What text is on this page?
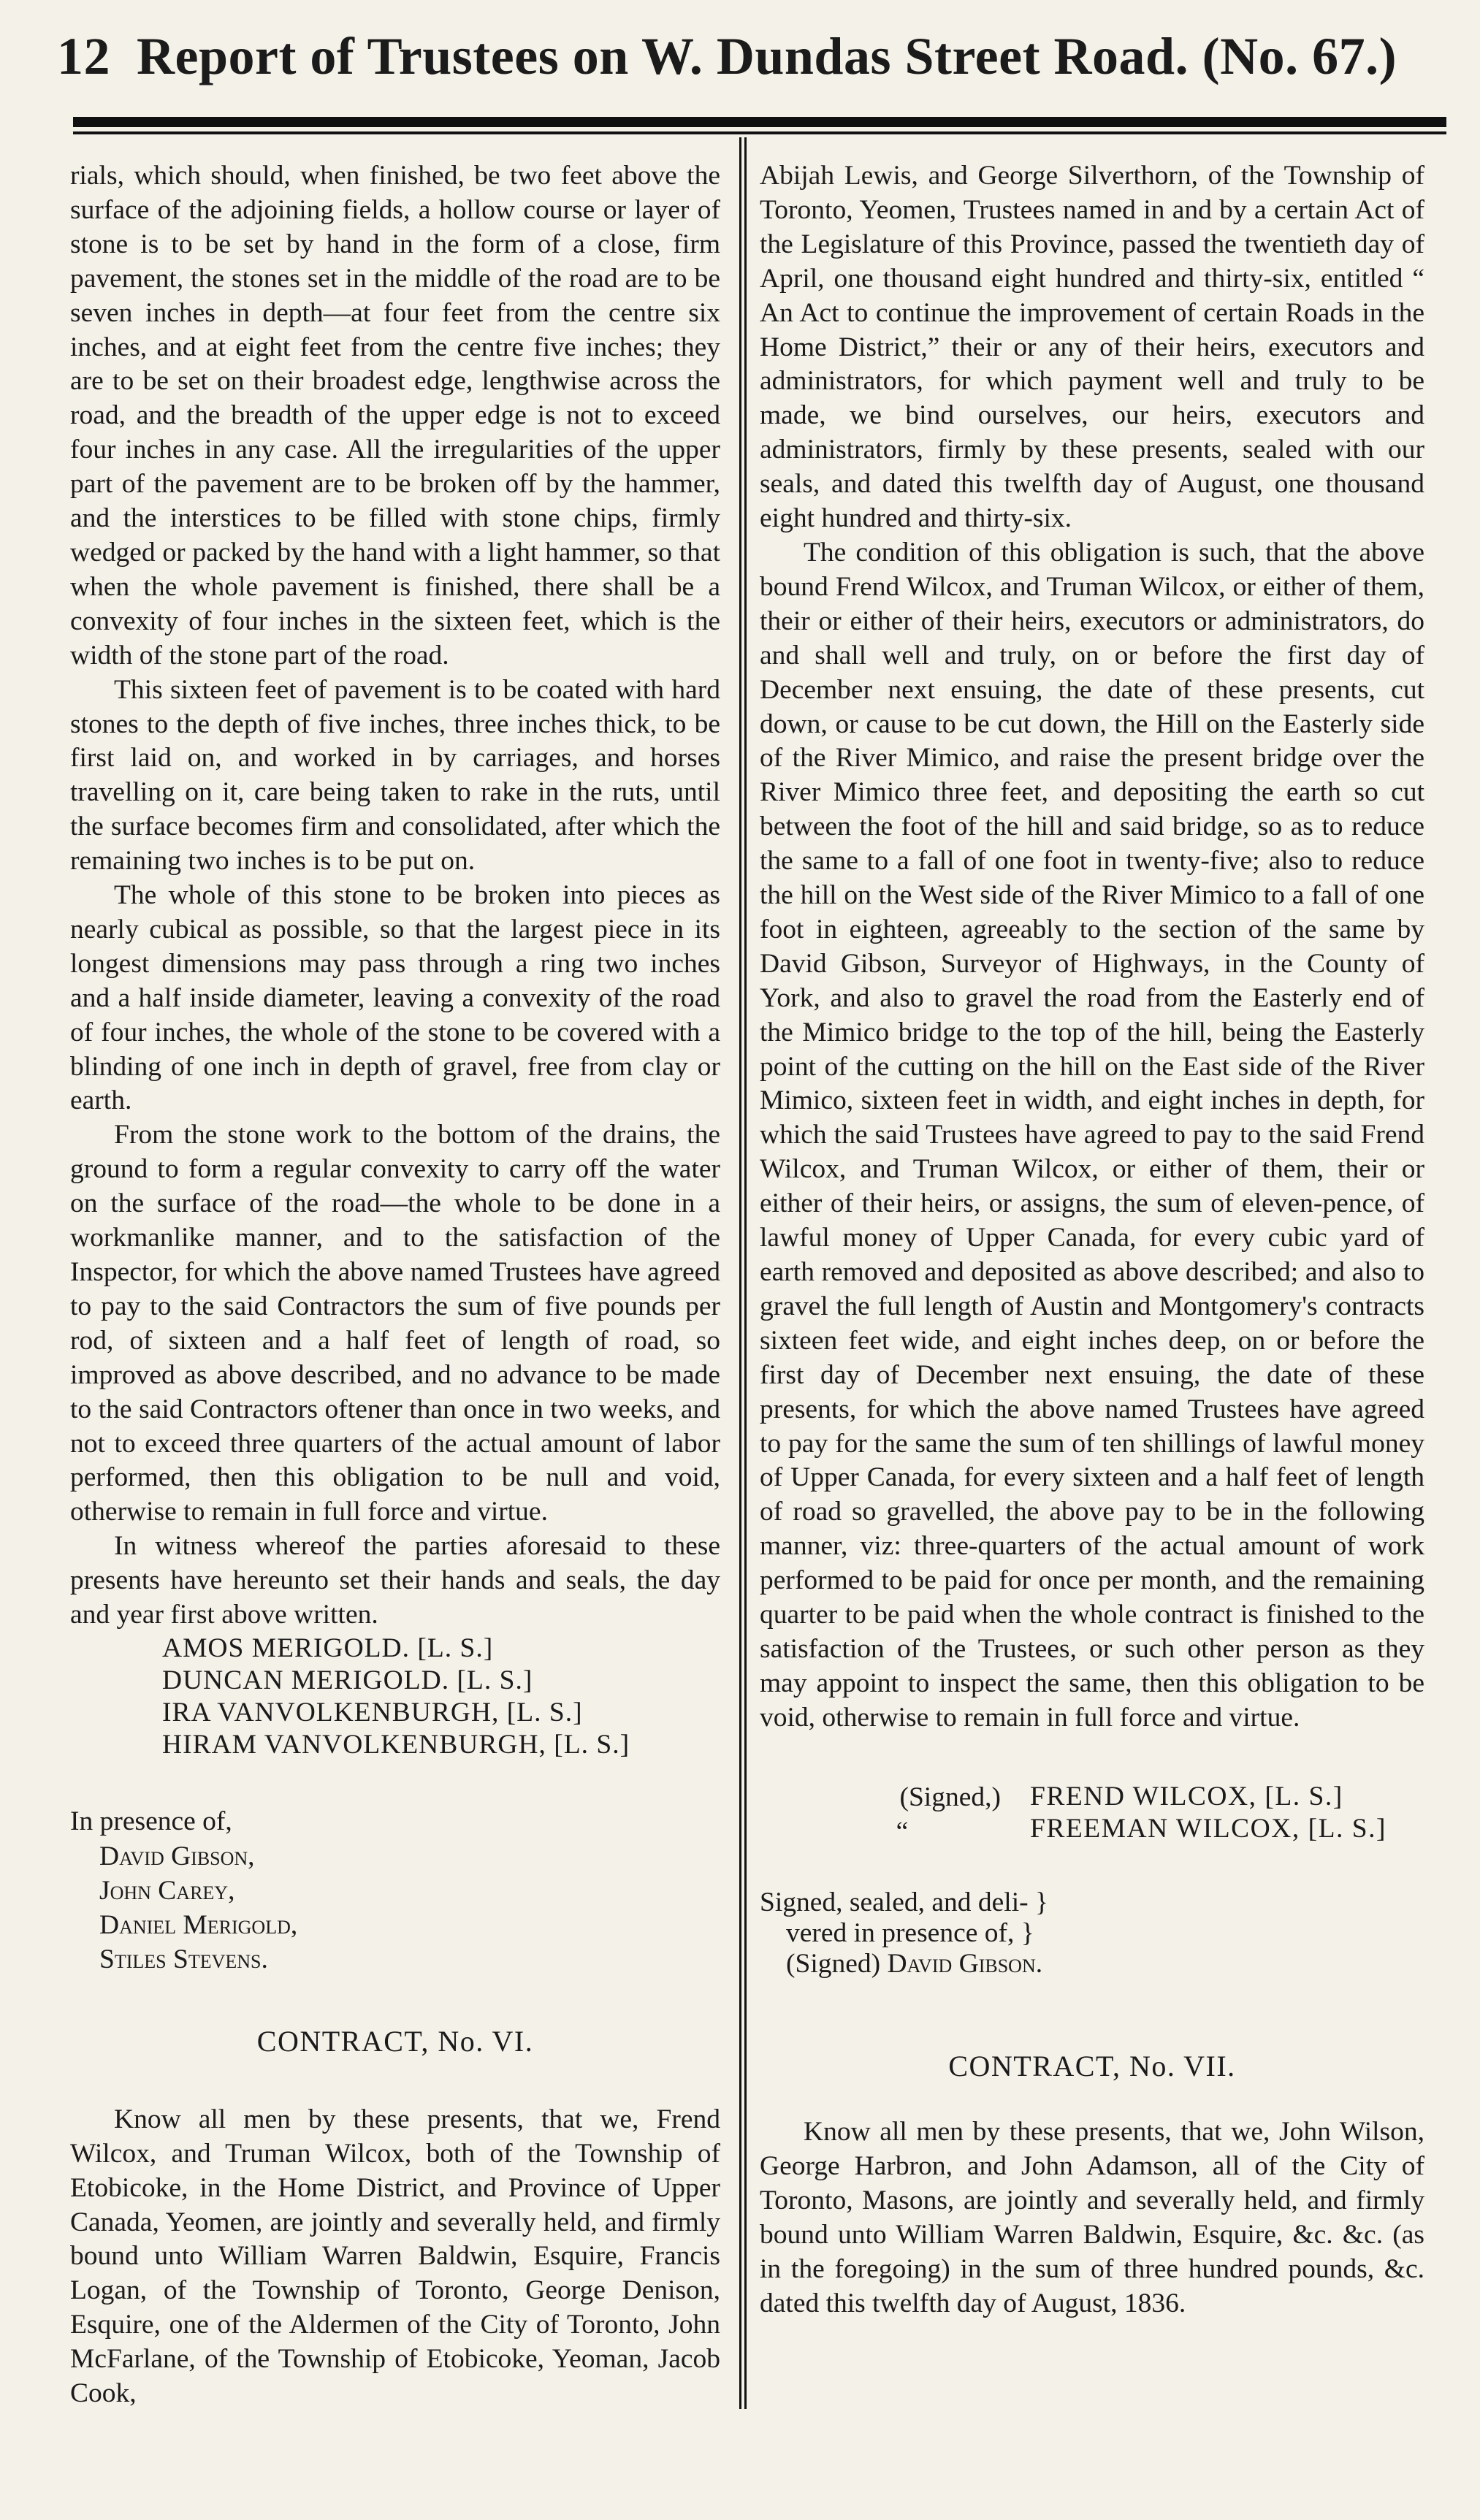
12 Report of Trustees on W. Dundas Street Road. (No. 67.)

rials, which should, when finished, be two feet above the surface of the adjoining fields, a hollow course or layer of stone is to be set by hand in the form of a close, firm pavement, the stones set in the middle of the road are to be seven inches in depth—at four feet from the centre six inches, and at eight feet from the centre five inches; they are to be set on their broadest edge, lengthwise across the road, and the breadth of the upper edge is not to exceed four inches in any case. All the irregularities of the upper part of the pavement are to be broken off by the hammer, and the interstices to be filled with stone chips, firmly wedged or packed by the hand with a light hammer, so that when the whole pavement is finished, there shall be a convexity of four inches in the sixteen feet, which is the width of the stone part of the road.

This sixteen feet of pavement is to be coated with hard stones to the depth of five inches, three inches thick, to be first laid on, and worked in by carriages, and horses travelling on it, care being taken to rake in the ruts, until the surface becomes firm and consolidated, after which the remaining two inches is to be put on.

The whole of this stone to be broken into pieces as nearly cubical as possible, so that the largest piece in its longest dimensions may pass through a ring two inches and a half inside diameter, leaving a convexity of the road of four inches, the whole of the stone to be covered with a blinding of one inch in depth of gravel, free from clay or earth.

From the stone work to the bottom of the drains, the ground to form a regular convexity to carry off the water on the surface of the road—the whole to be done in a workmanlike manner, and to the satisfaction of the Inspector, for which the above named Trustees have agreed to pay to the said Contractors the sum of five pounds per rod, of sixteen and a half feet of length of road, so improved as above described, and no advance to be made to the said Contractors oftener than once in two weeks, and not to exceed three quarters of the actual amount of labor performed, then this obligation to be null and void, otherwise to remain in full force and virtue.

In witness whereof the parties aforesaid to these presents have hereunto set their hands and seals, the day and year first above written.

AMOS MERIGOLD. [L. S.]
DUNCAN MERIGOLD. [L. S.]
IRA VANVOLKENBURGH, [L. S.]
HIRAM VANVOLKENBURGH, [L. S.]
In presence of,
David Gibson,
John Carey,
Daniel Merigold,
Stiles Stevens.
CONTRACT, No. VI.

Know all men by these presents, that we, Frend Wilcox, and Truman Wilcox, both of the Township of Etobicoke, in the Home District, and Province of Upper Canada, Yeomen, are jointly and severally held, and firmly bound unto William Warren Baldwin, Esquire, Francis Logan, of the Township of Toronto, George Denison, Esquire, one of the Aldermen of the City of Toronto, John McFarlane, of the Township of Etobicoke, Yeoman, Jacob Cook,

Abijah Lewis, and George Silverthorn, of the Township of Toronto, Yeomen, Trustees named in and by a certain Act of the Legislature of this Province, passed the twentieth day of April, one thousand eight hundred and thirty-six, entitled “ An Act to continue the improvement of certain Roads in the Home District,” their or any of their heirs, executors and administrators, for which payment well and truly to be made, we bind ourselves, our heirs, executors and administrators, firmly by these presents, sealed with our seals, and dated this twelfth day of August, one thousand eight hundred and thirty-six.

The condition of this obligation is such, that the above bound Frend Wilcox, and Truman Wilcox, or either of them, their or either of their heirs, executors or administrators, do and shall well and truly, on or before the first day of December next ensuing, the date of these presents, cut down, or cause to be cut down, the Hill on the Easterly side of the River Mimico, and raise the present bridge over the River Mimico three feet, and depositing the earth so cut between the foot of the hill and said bridge, so as to reduce the same to a fall of one foot in twenty-five; also to reduce the hill on the West side of the River Mimico to a fall of one foot in eighteen, agreeably to the section of the same by David Gibson, Surveyor of Highways, in the County of York, and also to gravel the road from the Easterly end of the Mimico bridge to the top of the hill, being the Easterly point of the cutting on the hill on the East side of the River Mimico, sixteen feet in width, and eight inches in depth, for which the said Trustees have agreed to pay to the said Frend Wilcox, and Truman Wilcox, or either of them, their or either of their heirs, or assigns, the sum of eleven-pence, of lawful money of Upper Canada, for every cubic yard of earth removed and deposited as above described; and also to gravel the full length of Austin and Montgomery's contracts sixteen feet wide, and eight inches deep, on or before the first day of December next ensuing, the date of these presents, for which the above named Trustees have agreed to pay for the same the sum of ten shillings of lawful money of Upper Canada, for every sixteen and a half feet of length of road so gravelled, the above pay to be in the following manner, viz: three-quarters of the actual amount of work performed to be paid for once per month, and the remaining quarter to be paid when the whole contract is finished to the satisfaction of the Trustees, or such other person as they may appoint to inspect the same, then this obligation to be void, otherwise to remain in full force and virtue.

(Signed,)
“
FREND WILCOX, [L. S.]
FREEMAN WILCOX, [L. S.]
Signed, sealed, and deli- }
vered in presence of, }
(Signed) David Gibson.
CONTRACT, No. VII.

Know all men by these presents, that we, John Wilson, George Harbron, and John Adamson, all of the City of Toronto, Masons, are jointly and severally held, and firmly bound unto William Warren Baldwin, Esquire, &c. &c. (as in the foregoing) in the sum of three hundred pounds, &c. dated this twelfth day of August, 1836.
